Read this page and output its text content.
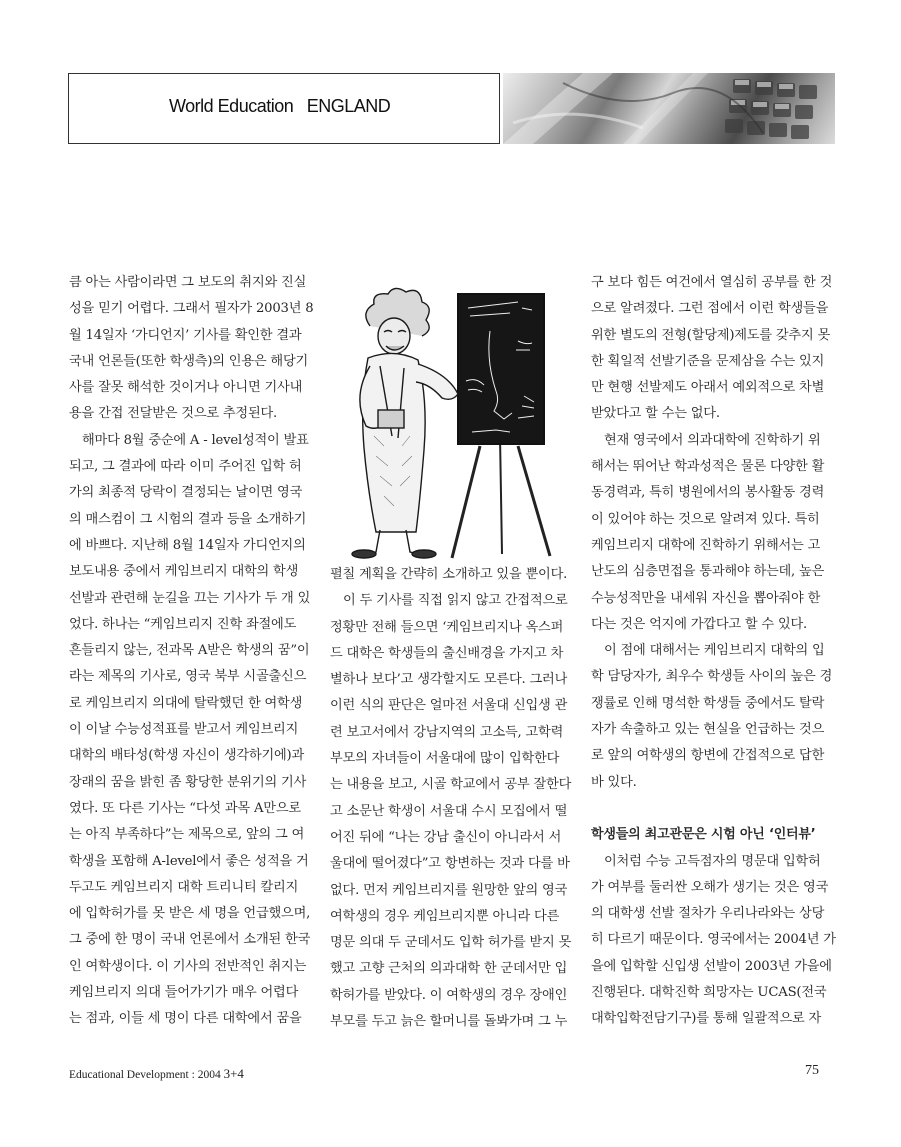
World Education   ENGLAND

큼 아는 사람이라면 그 보도의 취지와 진실

성을 믿기 어렵다. 그래서 필자가 2003년 8

월 14일자 ‘가디언지’ 기사를 확인한 결과

국내 언론들(또한 학생측)의 인용은 해당기

사를 잘못 해석한 것이거나 아니면 기사내

용을 간접 전달받은 것으로 추정된다.

　해마다 8월 중순에 A - level성적이 발표

되고, 그 결과에 따라 이미 주어진 입학 허

가의 최종적 당락이 결정되는 날이면 영국

의 매스컴이 그 시험의 결과 등을 소개하기

에 바쁘다. 지난해 8월 14일자 가디언지의

보도내용 중에서 케임브리지 대학의 학생

선발과 관련해 눈길을 끄는 기사가 두 개 있

었다. 하나는 “케임브리지 진학 좌절에도

흔들리지 않는, 전과목 A받은 학생의 꿈”이

라는 제목의 기사로, 영국 북부 시골출신으

로 케임브리지 의대에 탈락했던 한 여학생

이 이날 수능성적표를 받고서 케임브리지

대학의 배타성(학생 자신이 생각하기에)과

장래의 꿈을 밝힌 좀 황당한 분위기의 기사

였다. 또 다른 기사는 “다섯 과목 A만으로

는 아직 부족하다”는 제목으로, 앞의 그 여

학생을 포함해 A-level에서 좋은 성적을 거

두고도 케임브리지 대학 트리니티 칼리지

에 입학허가를 못 받은 세 명을 언급했으며,

그 중에 한 명이 국내 언론에서 소개된 한국

인 여학생이다. 이 기사의 전반적인 취지는

케임브리지 의대 들어가기가 매우 어렵다

는 점과, 이들 세 명이 다른 대학에서 꿈을

펼칠 계획을 간략히 소개하고 있을 뿐이다.

　이 두 기사를 직접 읽지 않고 간접적으로

정황만 전해 들으면 ‘케임브리지나 옥스퍼

드 대학은 학생들의 출신배경을 가지고 차

별하나 보다’고 생각할지도 모른다. 그러나

이런 식의 판단은 얼마전 서울대 신입생 관

련 보고서에서 강남지역의 고소득, 고학력

부모의 자녀들이 서울대에 많이 입학한다

는 내용을 보고, 시골 학교에서 공부 잘한다

고 소문난 학생이 서울대 수시 모집에서 떨

어진 뒤에 “나는 강남 출신이 아니라서 서

울대에 떨어졌다”고 항변하는 것과 다를 바

없다. 먼저 케임브리지를 원망한 앞의 영국

여학생의 경우 케임브리지뿐 아니라 다른

명문 의대 두 군데서도 입학 허가를 받지 못

했고 고향 근처의 의과대학 한 군데서만 입

학허가를 받았다. 이 여학생의 경우 장애인

부모를 두고 늙은 할머니를 돌봐가며 그 누

구 보다 힘든 여건에서 열심히 공부를 한 것

으로 알려졌다. 그런 점에서 이런 학생들을

위한 별도의 전형(할당제)제도를 갖추지 못

한 획일적 선발기준을 문제삼을 수는 있지

만 현행 선발제도 아래서 예외적으로 차별

받았다고 할 수는 없다.

　현재 영국에서 의과대학에 진학하기 위

해서는 뛰어난 학과성적은 물론 다양한 활

동경력과, 특히 병원에서의 봉사활동 경력

이 있어야 하는 것으로 알려져 있다. 특히

케임브리지 대학에 진학하기 위해서는 고

난도의 심층면접을 통과해야 하는데, 높은

수능성적만을 내세워 자신을 뽑아줘야 한

다는 것은 억지에 가깝다고 할 수 있다.

　이 점에 대해서는 케임브리지 대학의 입

학 담당자가, 최우수 학생들 사이의 높은 경

쟁률로 인해 명석한 학생들 중에서도 탈락

자가 속출하고 있는 현실을 언급하는 것으

로 앞의 여학생의 항변에 간접적으로 답한

바 있다.

학생들의 최고관문은 시험 아닌 ‘인터뷰’

　이처럼 수능 고득점자의 명문대 입학허

가 여부를 둘러싼 오해가 생기는 것은 영국

의 대학생 선발 절차가 우리나라와는 상당

히 다르기 때문이다. 영국에서는 2004년 가

을에 입학할 신입생 선발이 2003년 가을에

진행된다. 대학진학 희망자는 UCAS(전국

대학입학전담기구)를 통해 일괄적으로 자

Educational Development : 2004 3+4	75
